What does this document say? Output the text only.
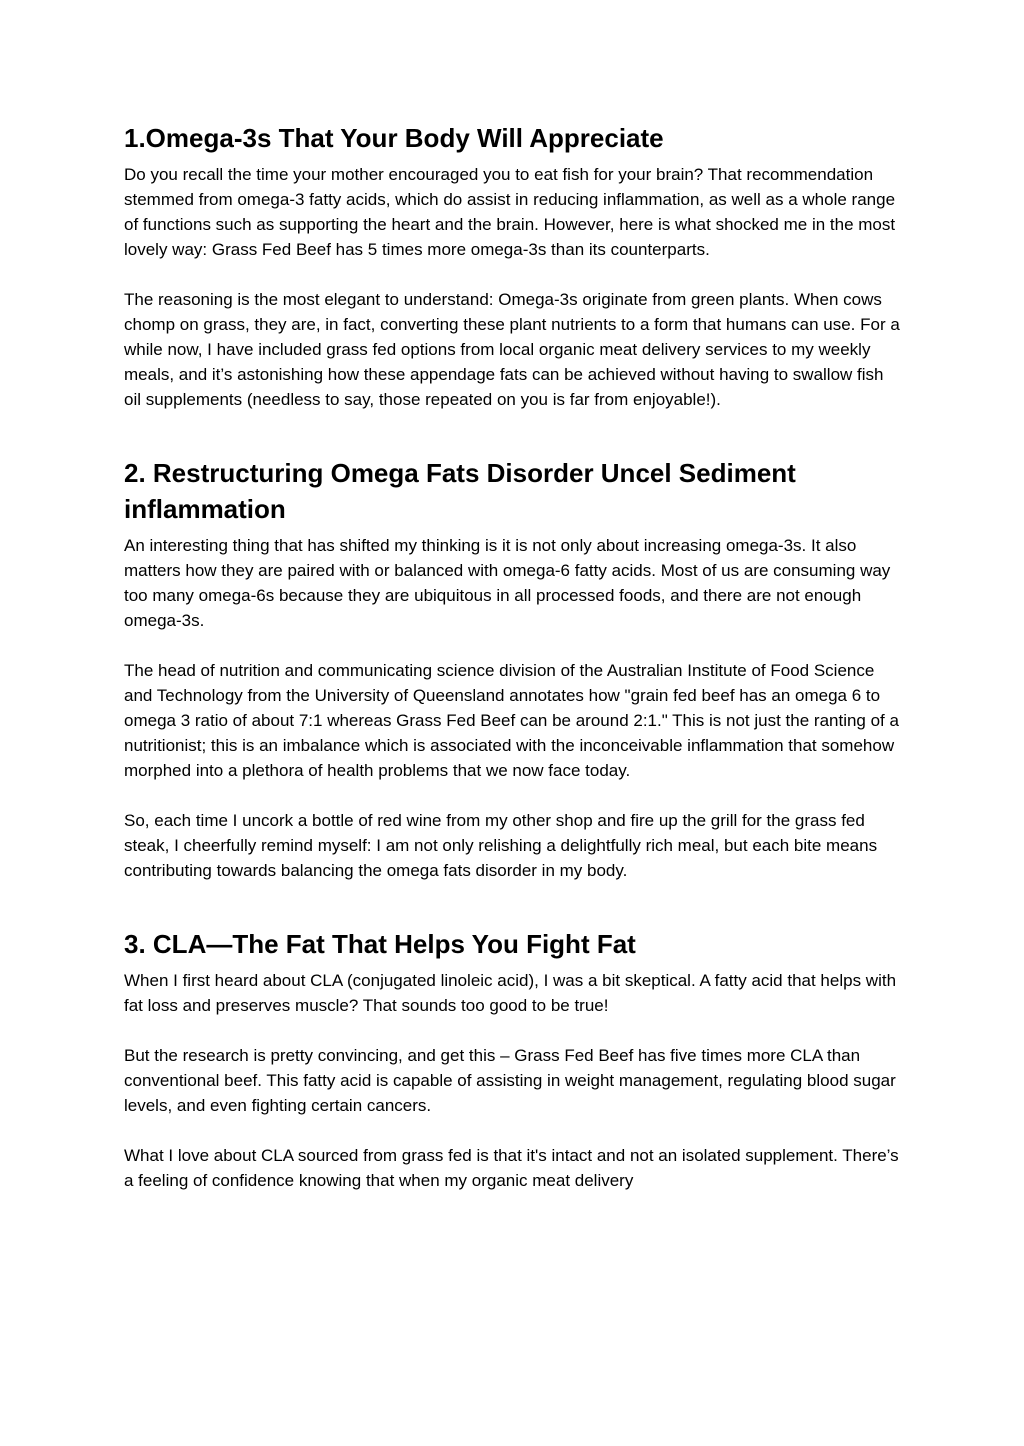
1.Omega-3s That Your Body Will Appreciate

Do you recall the time your mother encouraged you to eat fish for your brain? That recommendation stemmed from omega-3 fatty acids, which do assist in reducing inflammation, as well as a whole range of functions such as supporting the heart and the brain. However, here is what shocked me in the most lovely way: Grass Fed Beef has 5 times more omega-3s than its counterparts.

The reasoning is the most elegant to understand: Omega-3s originate from green plants. When cows chomp on grass, they are, in fact, converting these plant nutrients to a form that humans can use. For a while now, I have included grass fed options from local organic meat delivery services to my weekly meals, and it’s astonishing how these appendage fats can be achieved without having to swallow fish oil supplements (needless to say, those repeated on you is far from enjoyable!).

2. Restructuring Omega Fats Disorder Uncel Sediment inflammation

An interesting thing that has shifted my thinking is it is not only about increasing omega-3s. It also matters how they are paired with or balanced with omega-6 fatty acids. Most of us are consuming way too many omega-6s because they are ubiquitous in all processed foods, and there are not enough omega-3s.

The head of nutrition and communicating science division of the Australian Institute of Food Science and Technology from the University of Queensland annotates how "grain fed beef has an omega 6 to omega 3 ratio of about 7:1 whereas Grass Fed Beef can be around 2:1." This is not just the ranting of a nutritionist; this is an imbalance which is associated with the inconceivable inflammation that somehow morphed into a plethora of health problems that we now face today.

So, each time I uncork a bottle of red wine from my other shop and fire up the grill for the grass fed steak, I cheerfully remind myself: I am not only relishing a delightfully rich meal, but each bite means contributing towards balancing the omega fats disorder in my body.

3. CLA—The Fat That Helps You Fight Fat

When I first heard about CLA (conjugated linoleic acid), I was a bit skeptical. A fatty acid that helps with fat loss and preserves muscle? That sounds too good to be true!

But the research is pretty convincing, and get this – Grass Fed Beef has five times more CLA than conventional beef. This fatty acid is capable of assisting in weight management, regulating blood sugar levels, and even fighting certain cancers.

What I love about CLA sourced from grass fed is that it's intact and not an isolated supplement. There’s a feeling of confidence knowing that when my organic meat delivery
